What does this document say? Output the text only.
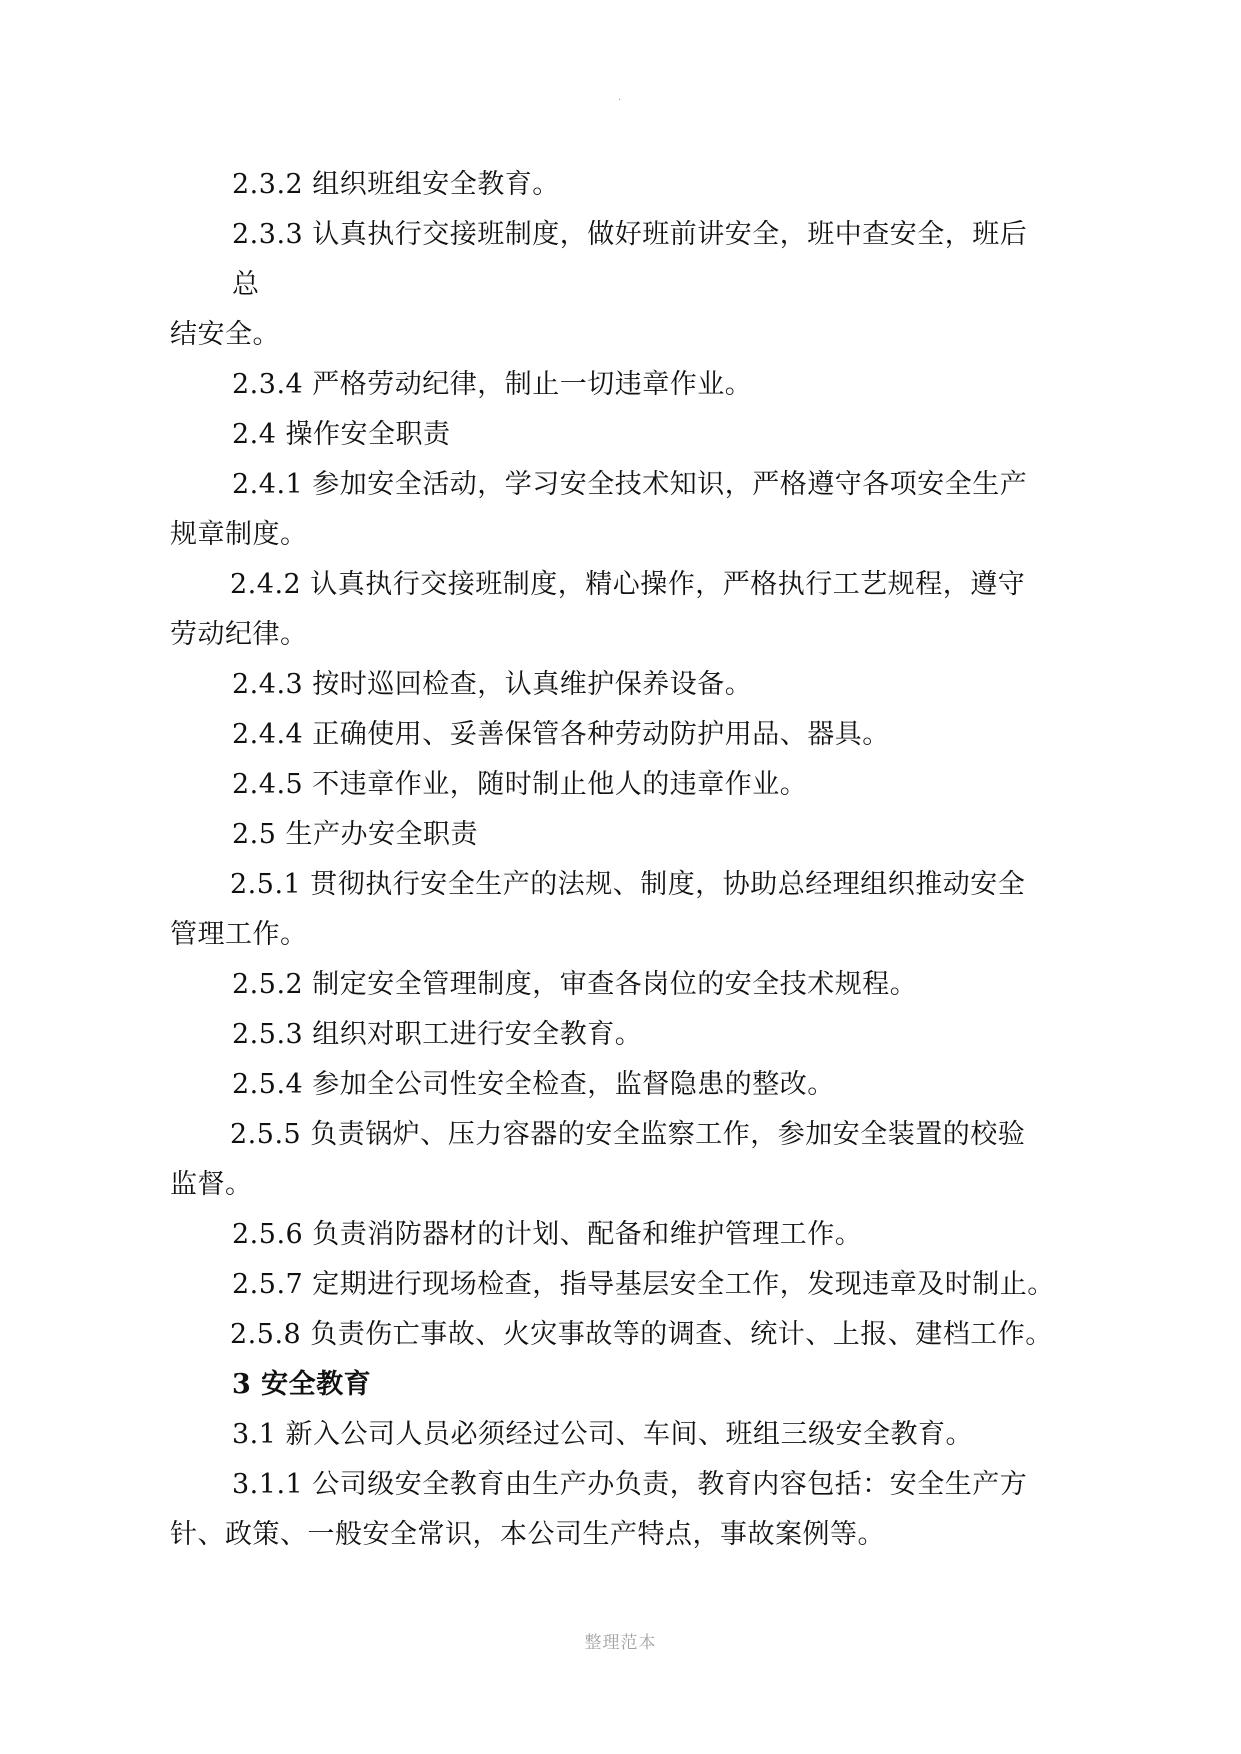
·
2.3.2 组织班组安全教育。
2.3.3 认真执行交接班制度，做好班前讲安全，班中查安全，班后
总
结安全。
2.3.4 严格劳动纪律，制止一切违章作业。
2.4 操作安全职责
2.4.1 参加安全活动，学习安全技术知识，严格遵守各项安全生产
规章制度。
2.4.2 认真执行交接班制度，精心操作，严格执行工艺规程，遵守
劳动纪律。
2.4.3 按时巡回检查，认真维护保养设备。
2.4.4 正确使用、妥善保管各种劳动防护用品、器具。
2.4.5 不违章作业，随时制止他人的违章作业。
2.5 生产办安全职责
2.5.1 贯彻执行安全生产的法规、制度，协助总经理组织推动安全
管理工作。
2.5.2 制定安全管理制度，审查各岗位的安全技术规程。
2.5.3 组织对职工进行安全教育。
2.5.4 参加全公司性安全检查，监督隐患的整改。
2.5.5 负责锅炉、压力容器的安全监察工作，参加安全装置的校验
监督。
2.5.6 负责消防器材的计划、配备和维护管理工作。
2.5.7 定期进行现场检查，指导基层安全工作，发现违章及时制止。
2.5.8 负责伤亡事故、火灾事故等的调查、统计、上报、建档工作。
3 安全教育
3.1 新入公司人员必须经过公司、车间、班组三级安全教育。
3.1.1 公司级安全教育由生产办负责，教育内容包括：安全生产方
针、政策、一般安全常识，本公司生产特点，事故案例等。
整理范本
